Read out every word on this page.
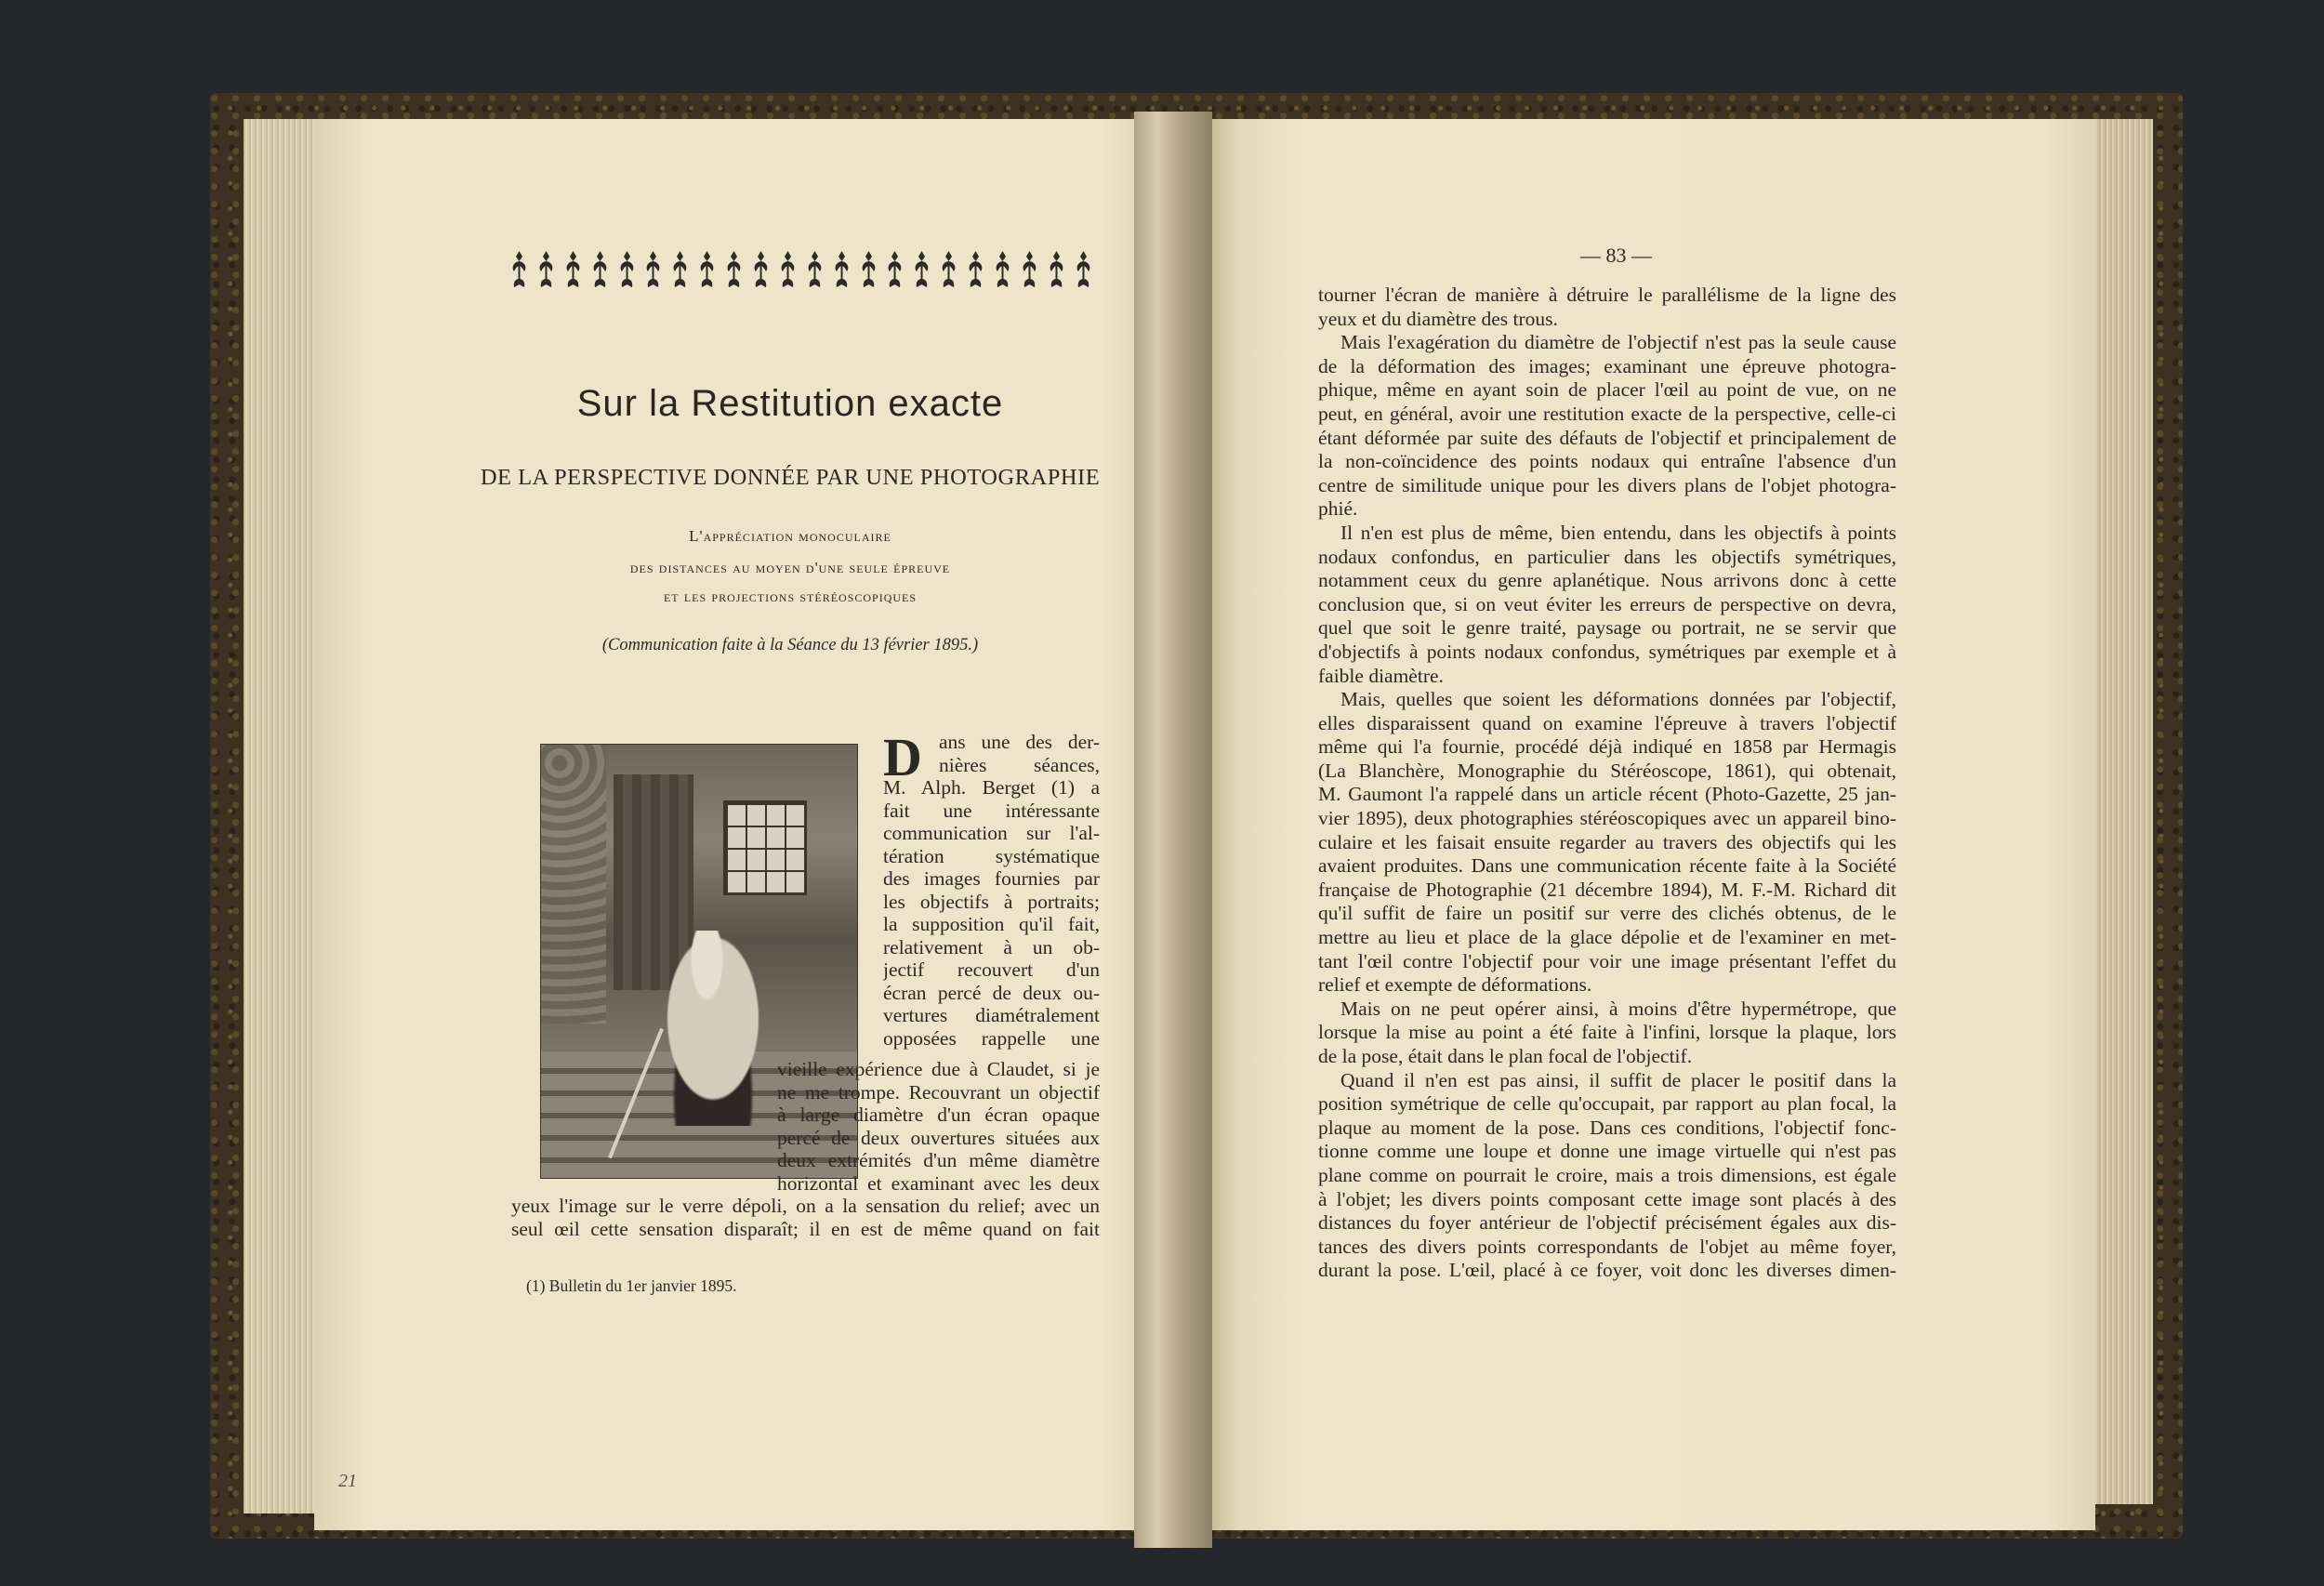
Sur la Restitution exacte
DE LA PERSPECTIVE DONNÉE PAR UNE PHOTOGRAPHIE
L'appréciation monoculaire
des distances au moyen d'une seule épreuve
et les projections stéréoscopiques
(Communication faite à la Séance du 13 février 1895.)
D ans une des der-
nières séances,
M. Alph. Berget (1) a
fait une intéressante
communication sur l'al-
tération systématique
des images fournies par
les objectifs à portraits;
la supposition qu'il fait,
relativement à un ob-
jectif recouvert d'un
écran percé de deux ou-
vertures diamétralement
opposées rappelle une
vieille expérience due à Claudet, si je
ne me trompe. Recouvrant un objectif
à large diamètre d'un écran opaque
percé de deux ouvertures situées aux
deux extrémités d'un même diamètre
horizontal et examinant avec les deux
yeux l'image sur le verre dépoli, on a la sensation du relief; avec un
seul œil cette sensation disparaît; il en est de même quand on fait
(1) Bulletin du 1er janvier 1895.
21
— 83 —
tourner l'écran de manière à détruire le parallélisme de la ligne des
yeux et du diamètre des trous.
Mais l'exagération du diamètre de l'objectif n'est pas la seule cause
de la déformation des images; examinant une épreuve photogra-
phique, même en ayant soin de placer l'œil au point de vue, on ne
peut, en général, avoir une restitution exacte de la perspective, celle-ci
étant déformée par suite des défauts de l'objectif et principalement de
la non-coïncidence des points nodaux qui entraîne l'absence d'un
centre de similitude unique pour les divers plans de l'objet photogra-
phié.
Il n'en est plus de même, bien entendu, dans les objectifs à points
nodaux confondus, en particulier dans les objectifs symétriques,
notamment ceux du genre aplanétique. Nous arrivons donc à cette
conclusion que, si on veut éviter les erreurs de perspective on devra,
quel que soit le genre traité, paysage ou portrait, ne se servir que
d'objectifs à points nodaux confondus, symétriques par exemple et à
faible diamètre.
Mais, quelles que soient les déformations données par l'objectif,
elles disparaissent quand on examine l'épreuve à travers l'objectif
même qui l'a fournie, procédé déjà indiqué en 1858 par Hermagis
(La Blanchère, Monographie du Stéréoscope, 1861), qui obtenait,
M. Gaumont l'a rappelé dans un article récent (Photo-Gazette, 25 jan-
vier 1895), deux photographies stéréoscopiques avec un appareil bino-
culaire et les faisait ensuite regarder au travers des objectifs qui les
avaient produites. Dans une communication récente faite à la Société
française de Photographie (21 décembre 1894), M. F.-M. Richard dit
qu'il suffit de faire un positif sur verre des clichés obtenus, de le
mettre au lieu et place de la glace dépolie et de l'examiner en met-
tant l'œil contre l'objectif pour voir une image présentant l'effet du
relief et exempte de déformations.
Mais on ne peut opérer ainsi, à moins d'être hypermétrope, que
lorsque la mise au point a été faite à l'infini, lorsque la plaque, lors
de la pose, était dans le plan focal de l'objectif.
Quand il n'en est pas ainsi, il suffit de placer le positif dans la
position symétrique de celle qu'occupait, par rapport au plan focal, la
plaque au moment de la pose. Dans ces conditions, l'objectif fonc-
tionne comme une loupe et donne une image virtuelle qui n'est pas
plane comme on pourrait le croire, mais a trois dimensions, est égale
à l'objet; les divers points composant cette image sont placés à des
distances du foyer antérieur de l'objectif précisément égales aux dis-
tances des divers points correspondants de l'objet au même foyer,
durant la pose. L'œil, placé à ce foyer, voit donc les diverses dimen-
